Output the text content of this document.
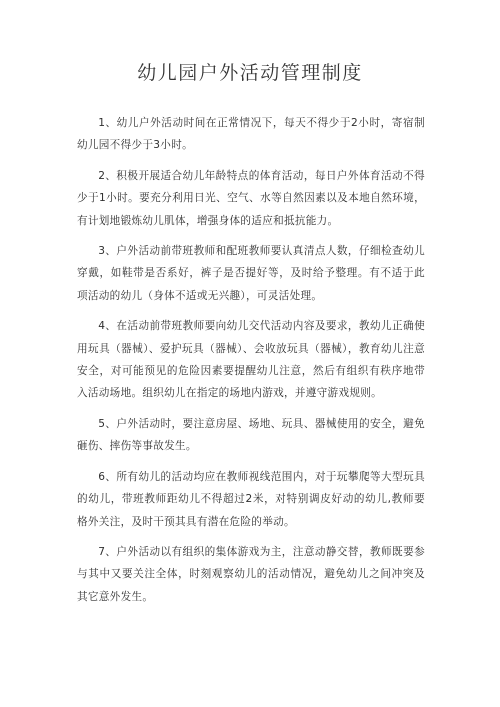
幼儿园户外活动管理制度

1、幼儿户外活动时间在正常情况下，每天不得少于2小时，寄宿制幼儿园不得少于3小时。

2、积极开展适合幼儿年龄特点的体育活动，每日户外体育活动不得少于1小时。要充分利用日光、空气、水等自然因素以及本地自然环境，有计划地锻炼幼儿肌体，增强身体的适应和抵抗能力。

3、户外活动前带班教师和配班教师要认真清点人数，仔细检查幼儿穿戴，如鞋带是否系好，裤子是否提好等，及时给予整理。有不适于此项活动的幼儿（身体不适或无兴趣），可灵活处理。

4、在活动前带班教师要向幼儿交代活动内容及要求，教幼儿正确使用玩具（器械）、爱护玩具（器械）、会收放玩具（器械），教育幼儿注意安全，对可能预见的危险因素要提醒幼儿注意，然后有组织有秩序地带入活动场地。组织幼儿在指定的场地内游戏，并遵守游戏规则。

5、户外活动时，要注意房屋、场地、玩具、器械使用的安全，避免砸伤、摔伤等事故发生。

6、所有幼儿的活动均应在教师视线范围内，对于玩攀爬等大型玩具的幼儿，带班教师距幼儿不得超过2米，对特别调皮好动的幼儿,教师要格外关注，及时干预其具有潜在危险的举动。

7、户外活动以有组织的集体游戏为主，注意动静交替，教师既要参与其中又要关注全体，时刻观察幼儿的活动情况，避免幼儿之间冲突及其它意外发生。
